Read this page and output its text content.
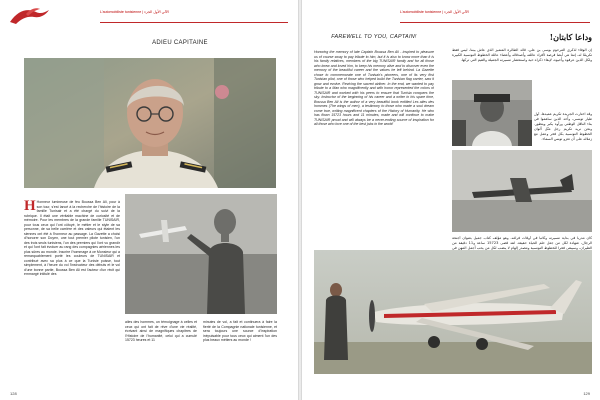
L'automobiliste tunisienne | الآلي الأول الجزء
ADIEU CAPITAINE
H Honneur lumineuse de feu Boussa Ben Ali, pour à son tour, s'est lancé à la recherche de l'histoire de la famille Tunisair et a été chargé du suivi de la rubrique. Il était une véritable machine de curiosité et de mémoire. Pour les membres de la grande famille TUNISAIR, pour tous ceux qui l'ont côtoyé, le métier et le style de sa personne, de sa belle carrière et des valeurs qui étaient les siennes ont été à l'honneur au passage. La Gazette a choisi d'honorer son Doyen, une tout premier pilote tunisien, l'un des trois seuls tunisiens, l'un des premiers qui l'ont vu grandir et qui l'ont fait évoluer au rang des compagnies aériennes les plus sûres au monde. Inscrire l'hommage à ce Monsieur qui a remarquablement porté les couleurs de TUNISAIR et contribué avec sa plus à ce que la Tunisie puisse, tout simplement, à l'heure du vol l'instructeur des débuts et le vol d'une bonne partie, Boussa Ben Ali est l'auteur d'un récit qui emmargé intitulé des
ailes des hommes, un témoignage à celles et ceux qui ont fait de rêve d'une vie réalité, écrivant ainsi de magnifiques chapitres de l'Histoire de l'humanité, celui qui a cumulé 15723 heures et 11
minutes de vol, a fait et continuera à faire la fierté de la Compagnie nationale tunisienne, et sera toujours une source d'inspiration inépuisable pour tous ceux qui aiment l'un des plus beaux métiers au monde !
128
L'automobiliste tunisienne | الآلي الأول الجزء
FAREWELL TO YOU, CAPTAIN!	وداعا كابتان!
Honoring the memory of late Captain Boussa Ben Ali - inspired to pleasure us of course sway to pay tribute to him, but it is also to know more than it is his family relatives, members of the big TUNISAIR family and for all those who knew and loved him, to keep his memory alive and to discover even the memory of the beautiful career and the values he left behind. La Gazette chose to commemorate one of Tunisair's pioneers, one of its very first Tunisian pilot, one of those who helped build the Tunisian flag carrier, saw it grow and evolve. Reviving the sacred airliner. In the end, we wanted to pay tribute to a Man who magnificently and with honor represented the colors of TUNISAIR and worked with his peers to ensure that Tunisia conquers the sky. Instructor of the beginning of his career and a writer in his spare time, Boussa Ben Ali is the author of a very beautiful book entitled Les ailes des hommes (The wings of men), a testimony to those who made a soul dream come true, writing magnificent chapters of the History of Humanity. He who has flown 15723 hours and 11 minutes, made and will continue to make TUNISAIR proud and will always be a never-ending source of inspiration for all those who love one of the best jobs in the world!
إن الوفاء لذكرى المرحوم بوسى بن علي، قائد الطائرة المتميز الذي عاش بيننا، ليس فقط تكريمًا له، إنما هي أيضا فرصة لأفراد عائلته وأصدقائه وأعضاء عائلة الخطوط التونسية الكبيرة ولكل الذين عرفوه وأحبوه، لإبقاء ذكراه حية واستحضار مسيرته الجميلة والقيم التي تركها.
وقد اختارت الجريدة تكريم عميدها، أول طيار تونسي، وأحد الذين ساهموا في بناء الناقل الوطني ورأوه يكبر ويتطور. ونحن نريد تكريم رجل مثّل ألوان الخطوط التونسية بكل فخر وعمل مع زملائه على أن تغزو تونس السماء.
كان مدربا في بداية مسيرته وكاتبا في أوقات فراغه، وهو مؤلف كتاب جميل بعنوان أجنحة الرجال، شهادة لكل من جعل حلم الحياة حقيقة. لقد قضى 15723 ساعة و11 دقيقة من الطيران، وسيبقى فخرا للخطوط التونسية ومصدر إلهام لا ينضب لكل من يحب أجمل المهن في
129
